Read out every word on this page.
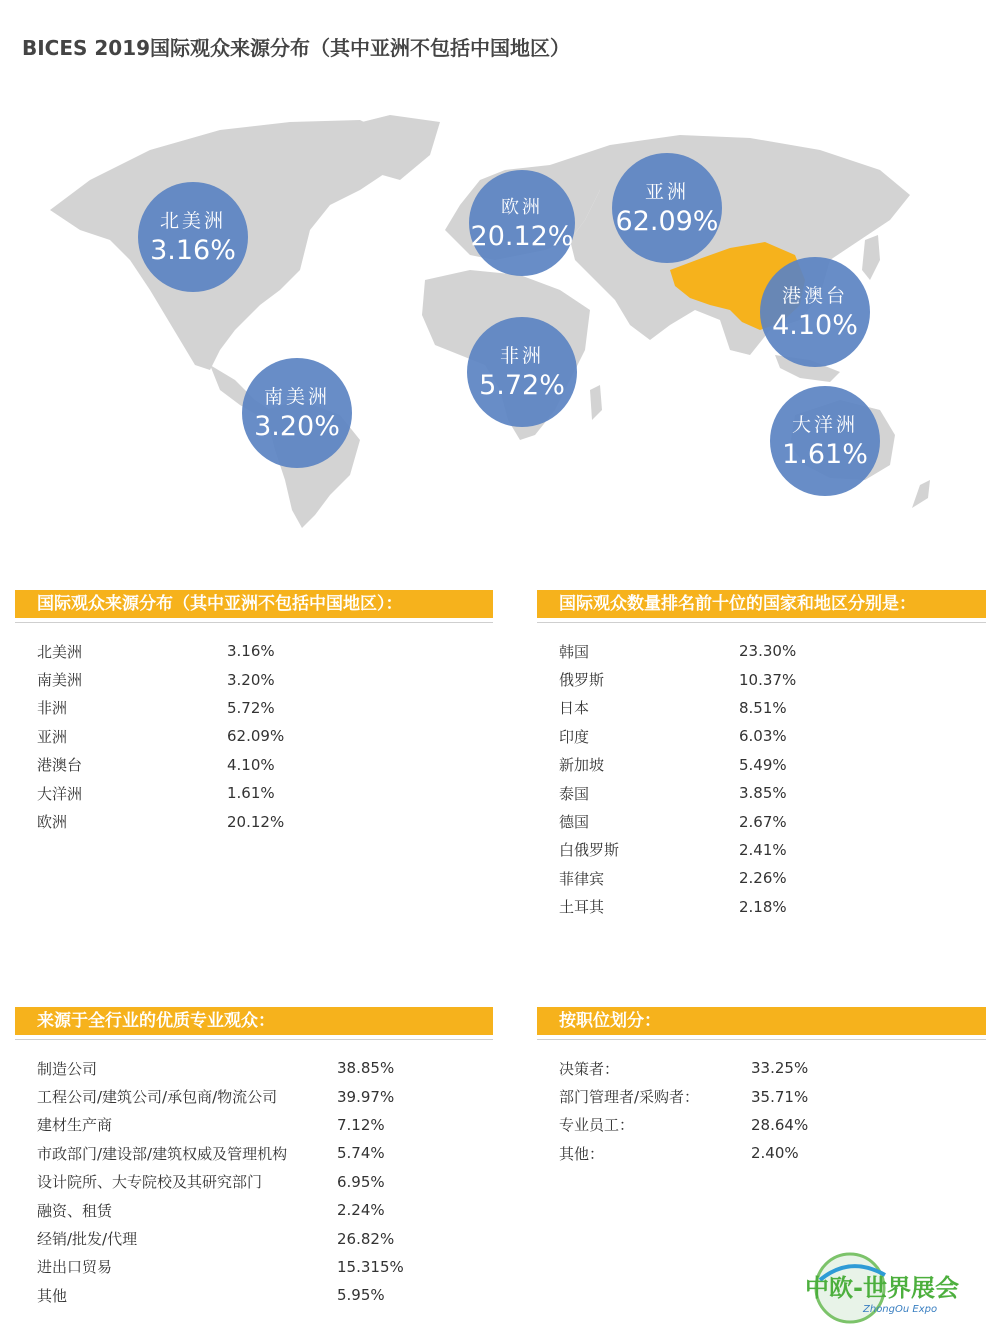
BICES 2019国际观众来源分布（其中亚洲不包括中国地区）
北美洲
3.16%
南美洲
3.20%
欧洲
20.12%
亚洲
62.09%
非洲
5.72%
港澳台
4.10%
大洋洲
1.61%
国际观众来源分布（其中亚洲不包括中国地区）：
北美洲	3.16%
南美洲	3.20%
非洲	5.72%
亚洲	62.09%
港澳台	4.10%
大洋洲	1.61%
欧洲	20.12%
国际观众数量排名前十位的国家和地区分别是：
韩国	23.30%
俄罗斯	10.37%
日本	8.51%
印度	6.03%
新加坡	5.49%
泰国	3.85%
德国	2.67%
白俄罗斯	2.41%
菲律宾	2.26%
土耳其	2.18%
来源于全行业的优质专业观众：
制造公司	38.85%
工程公司/建筑公司/承包商/物流公司	39.97%
建材生产商	7.12%
市政部门/建设部/建筑权威及管理机构	5.74%
设计院所、大专院校及其研究部门	6.95%
融资、租赁	2.24%
经销/批发/代理	26.82%
进出口贸易	15.315%
其他	5.95%
按职位划分：
决策者：	33.25%
部门管理者/采购者：	35.71%
专业员工：	28.64%
其他：	2.40%
中欧-世界展会
ZhongOu Expo
